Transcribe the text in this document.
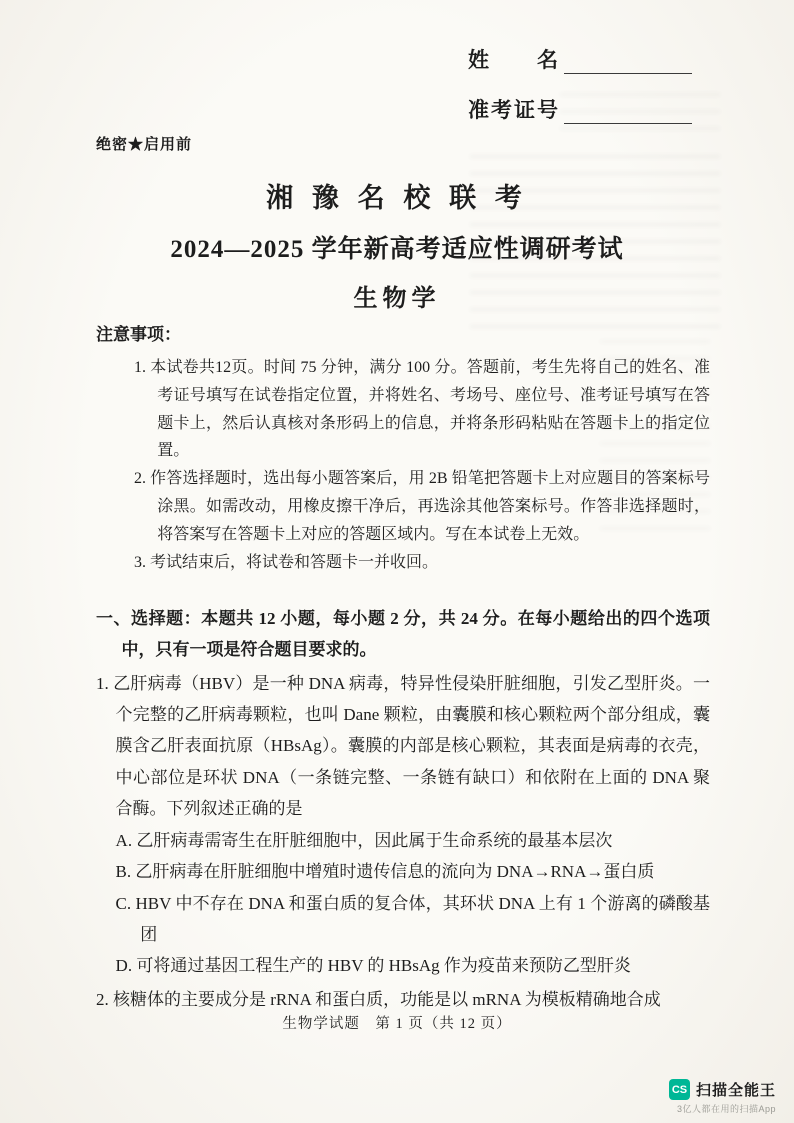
姓　　名
准考证号
绝密★启用前
湘 豫 名 校 联 考
2024—2025 学年新高考适应性调研考试
生物学
注意事项：
1. 本试卷共12页。时间 75 分钟，满分 100 分。答题前，考生先将自己的姓名、准考证号填写在试卷指定位置，并将姓名、考场号、座位号、准考证号填写在答题卡上，然后认真核对条形码上的信息，并将条形码粘贴在答题卡上的指定位置。
2. 作答选择题时，选出每小题答案后，用 2B 铅笔把答题卡上对应题目的答案标号涂黑。如需改动，用橡皮擦干净后，再选涂其他答案标号。作答非选择题时，将答案写在答题卡上对应的答题区域内。写在本试卷上无效。
3. 考试结束后，将试卷和答题卡一并收回。
一、选择题：本题共 12 小题，每小题 2 分，共 24 分。在每小题给出的四个选项中，只有一项是符合题目要求的。
1. 乙肝病毒（HBV）是一种 DNA 病毒，特异性侵染肝脏细胞，引发乙型肝炎。一个完整的乙肝病毒颗粒，也叫 Dane 颗粒，由囊膜和核心颗粒两个部分组成，囊膜含乙肝表面抗原（HBsAg）。囊膜的内部是核心颗粒，其表面是病毒的衣壳，中心部位是环状 DNA（一条链完整、一条链有缺口）和依附在上面的 DNA 聚合酶。下列叙述正确的是
A. 乙肝病毒需寄生在肝脏细胞中，因此属于生命系统的最基本层次
B. 乙肝病毒在肝脏细胞中增殖时遗传信息的流向为 DNA→RNA→蛋白质
C. HBV 中不存在 DNA 和蛋白质的复合体，其环状 DNA 上有 1 个游离的磷酸基团
D. 可将通过基因工程生产的 HBV 的 HBsAg 作为疫苗来预防乙型肝炎
2. 核糖体的主要成分是 rRNA 和蛋白质，功能是以 mRNA 为模板精确地合成
生物学试题　第 1 页（共 12 页）
CS 扫描全能王
3亿人都在用的扫描App
